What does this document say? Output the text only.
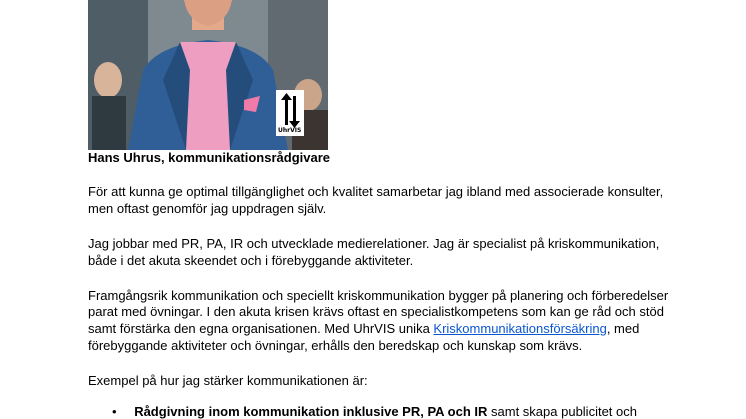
UhrVIS

Hans Uhrus, kommunikationsrådgivare

För att kunna ge optimal tillgänglighet och kvalitet samarbetar jag ibland med associerade konsulter,

men oftast genomför jag uppdragen själv.

Jag jobbar med PR, PA, IR och utvecklade medierelationer. Jag är specialist på kriskommunikation,

både i det akuta skeendet och i förebyggande aktiviteter.

Framgångsrik kommunikation och speciellt kriskommunikation bygger på planering och förberedelser

parat med övningar. I den akuta krisen krävs oftast en specialistkompetens som kan ge råd och stöd

samt förstärka den egna organisationen. Med UhrVIS unika Kriskommunikationsförsäkring, med

förebyggande aktiviteter och övningar, erhålls den beredskap och kunskap som krävs.

Exempel på hur jag stärker kommunikationen är:

• Rådgivning inom kommunikation inklusive PR, PA och IR samt skapa publicitet och
